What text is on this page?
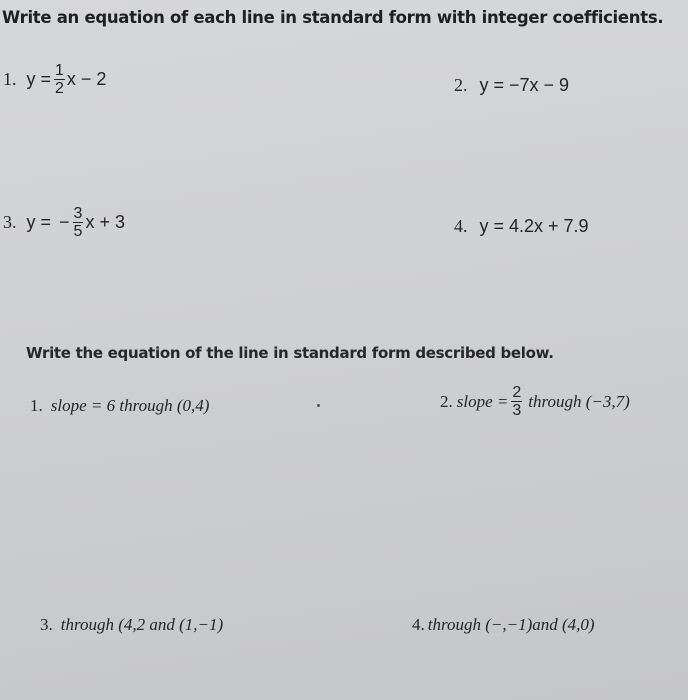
Write an equation of each line in standard form with integer coefficients.
1. $y = \frac{1}{2}$ x − 2	2. y = −7x − 9
3. y = − $\frac{3}{5}$ x + 3	4. y = 4.2x + 7.9
Write the equation of the line in standard form described below.
1. slope = 6 through (0,4)	2. slope = $\frac{2}{3}$ through (−3,7)
3. through (4,2 and (1,−1)	4. through (−,−1)and (4,0)
